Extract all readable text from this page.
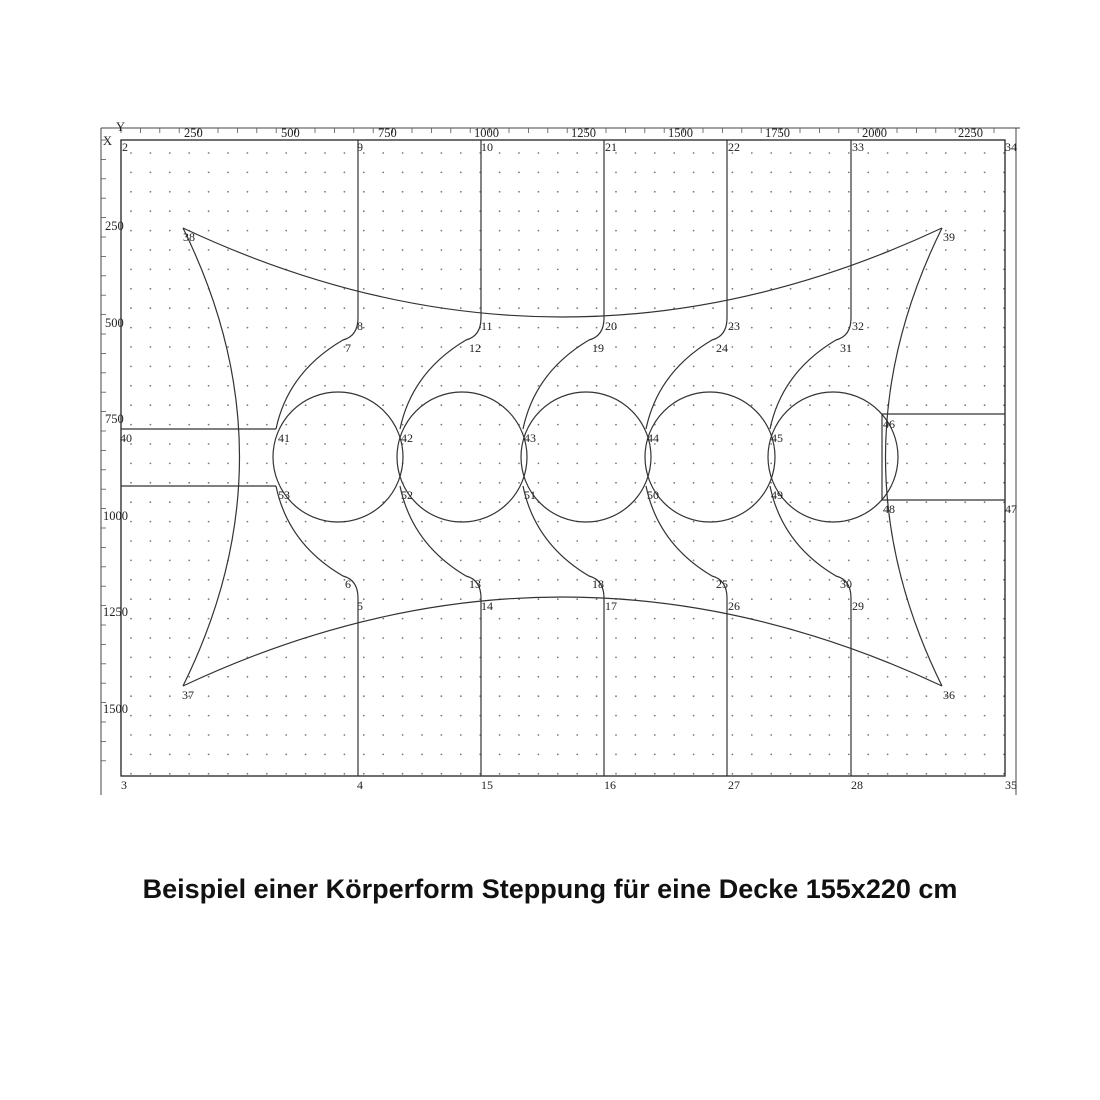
X
Y	250	500	750	1000	1250	1500	1750	2000	2250
250
500
750
1000
1250
1500
2
3	4
5
6
7
8
9	10
11
12
13
14
15	16
17
18
19
20
21	22
23
24
25
26
27	28
29
30
31
32
33	34
35
36
37
38	39
40	41	42	43	44	45
46
47
48
49
50
51
52
53
Beispiel einer Körperform Steppung für eine Decke 155x220 cm
